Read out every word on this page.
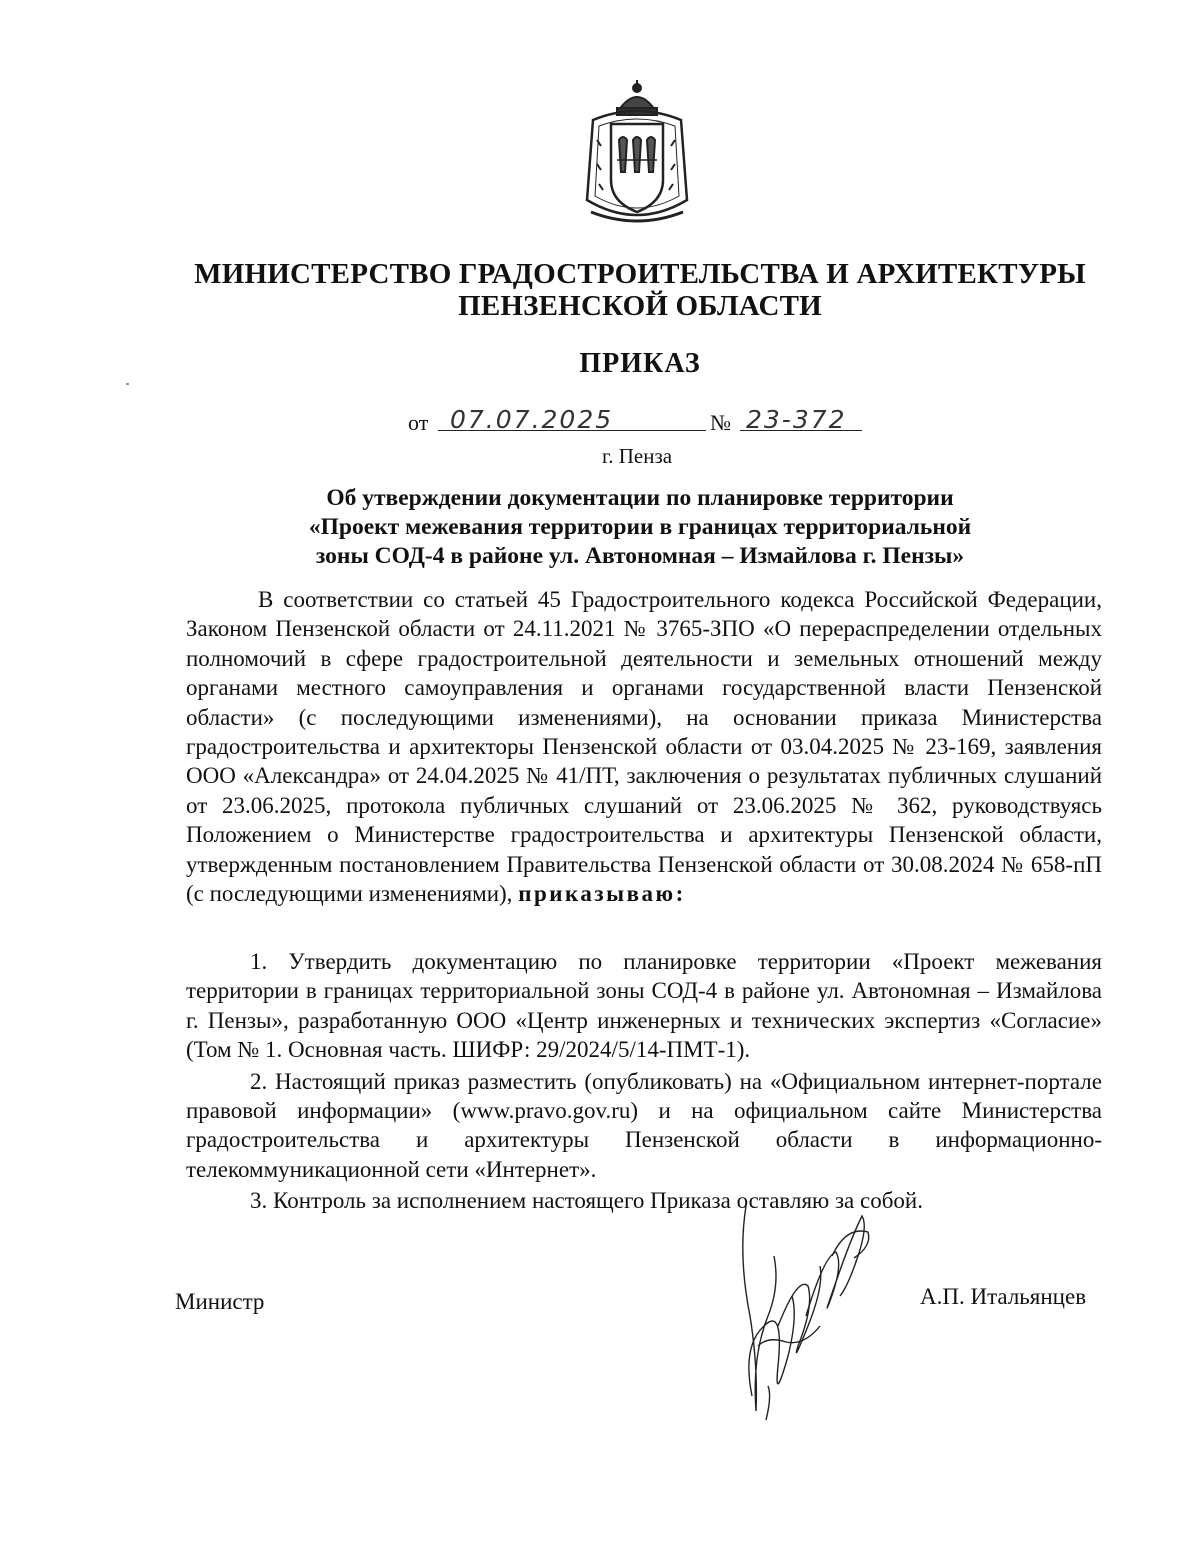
МИНИСТЕРСТВО ГРАДОСТРОИТЕЛЬСТВА И АРХИТЕКТУРЫ
ПЕНЗЕНСКОЙ ОБЛАСТИ
ПРИКАЗ
от 07.07.2025	№ 23-372
г. Пенза
Об утверждении документации по планировке территории
«Проект межевания территории в границах территориальной
зоны СОД-4 в районе ул. Автономная – Измайлова г. Пензы»
В соответствии со статьей 45 Градостроительного кодекса Российской Федерации, Законом Пензенской области от 24.11.2021 № 3765-ЗПО «О перераспределении отдельных полномочий в сфере градостроительной деятельности и земельных отношений между органами местного самоуправления и органами государственной власти Пензенской области» (с последующими изменениями), на основании приказа Министерства градостроительства и архитекторы Пензенской области от 03.04.2025 № 23-169, заявления ООО «Александра» от 24.04.2025 № 41/ПТ, заключения о результатах публичных слушаний от 23.06.2025, протокола публичных слушаний от 23.06.2025 № 362, руководствуясь Положением о Министерстве градостроительства и архитектуры Пензенской области, утвержденным постановлением Правительства Пензенской области от 30.08.2024 № 658-пП (с последующими изменениями), приказываю:

1. Утвердить документацию по планировке территории «Проект межевания территории в границах территориальной зоны СОД-4 в районе ул. Автономная – Измайлова г. Пензы», разработанную ООО «Центр инженерных и технических экспертиз «Согласие» (Том № 1. Основная часть. ШИФР: 29/2024/5/14-ПМТ-1).

2. Настоящий приказ разместить (опубликовать) на «Официальном интернет-портале правовой информации» (www.pravo.gov.ru) и на официальном сайте Министерства градостроительства и архитектуры Пензенской области в информационно-телекоммуникационной сети «Интернет».

3. Контроль за исполнением настоящего Приказа оставляю за собой.

Министр	А.П. Итальянцев
